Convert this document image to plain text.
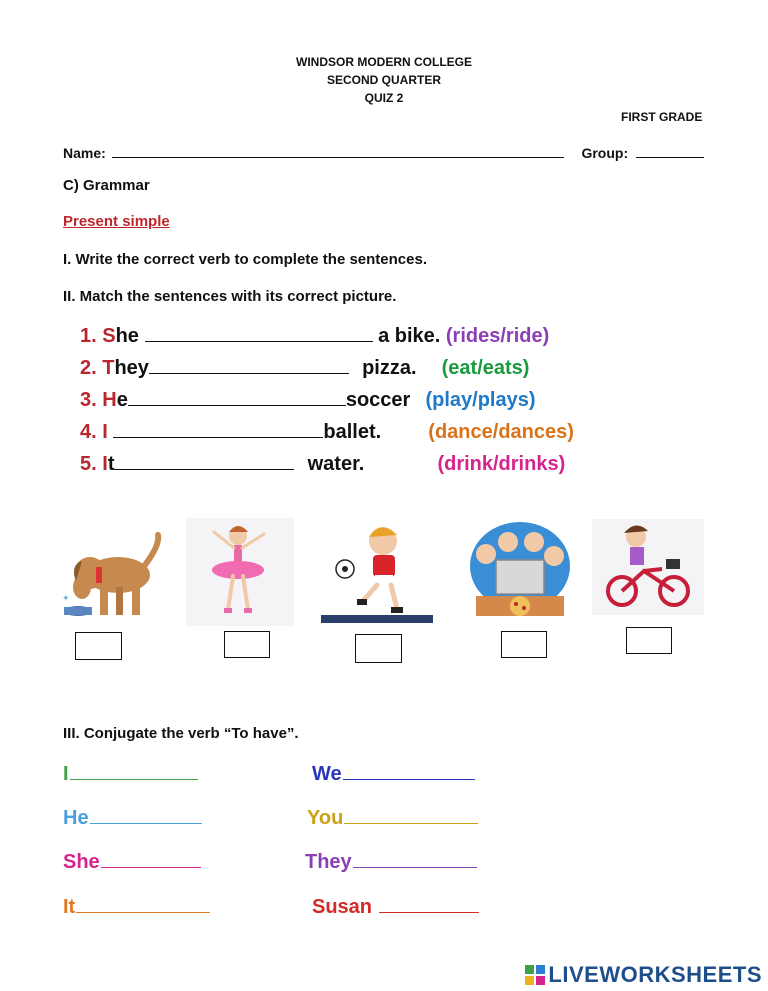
WINDSOR MODERN COLLEGE
SECOND QUARTER
QUIZ 2
FIRST GRADE
Name:	Group:
C) Grammar
Present simple
I. Write the correct verb to complete the sentences.
II. Match the sentences with its correct picture.
1. She	a bike. (rides/ride)
2. They	pizza. (eat/eats)
3. He	soccer (play/plays)
4. I	ballet. (dance/dances)
5. It	water.	(drink/drinks)
✦
III. Conjugate the verb “To have”.
I	We
He	You
She	They
It	Susan
LIVEWORKSHEETS
